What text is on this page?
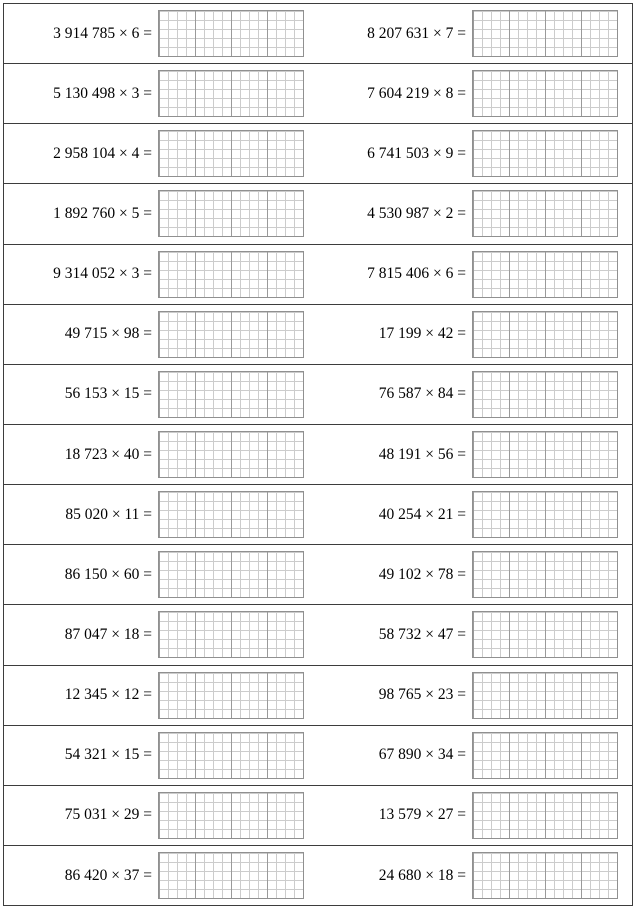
3 914 785 × 6 =	8 207 631 × 7 =
5 130 498 × 3 =	7 604 219 × 8 =
2 958 104 × 4 =	6 741 503 × 9 =
1 892 760 × 5 =	4 530 987 × 2 =
9 314 052 × 3 =	7 815 406 × 6 =
49 715 × 98 =	17 199 × 42 =
56 153 × 15 =	76 587 × 84 =
18 723 × 40 =	48 191 × 56 =
85 020 × 11 =	40 254 × 21 =
86 150 × 60 =	49 102 × 78 =
87 047 × 18 =	58 732 × 47 =
12 345 × 12 =	98 765 × 23 =
54 321 × 15 =	67 890 × 34 =
75 031 × 29 =	13 579 × 27 =
86 420 × 37 =	24 680 × 18 =
